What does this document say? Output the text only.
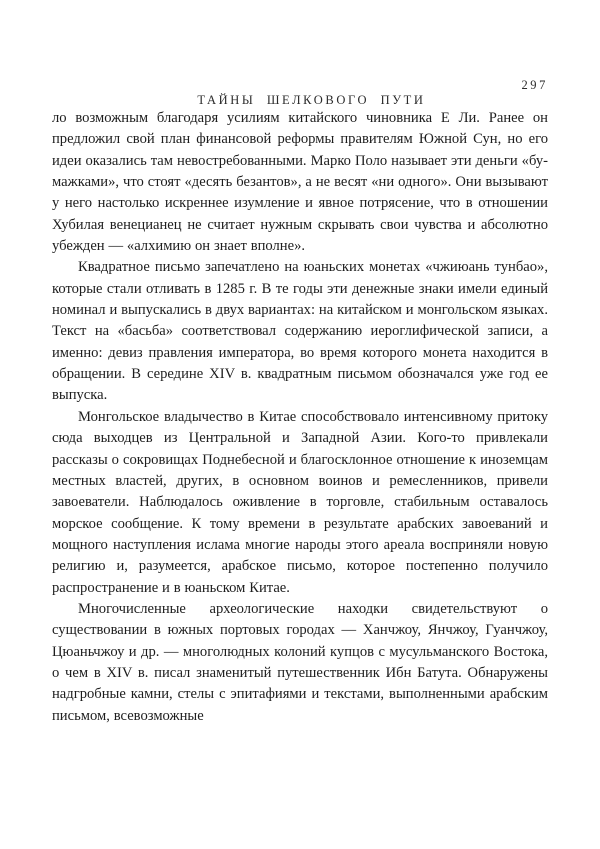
ТАЙНЫ  ШЕЛКОВОГО  ПУТИ

297

ло возможным благодаря усилиям китайского чиновника Е Ли. Ранее он предложил свой план финансовой реформы правителям Южной Сун, но его идеи оказались там невостребованными. Марко Поло называет эти деньги «бумажками», что стоят «десять безантов», а не весят «ни одного». Они вызывают у него настолько искреннее изумление и явное потрясение, что в отношении Хубилая венецианец не считает нужным скрывать свои чувства и абсолютно убежден — «алхимию он знает вполне».

Квадратное письмо запечатлено на юаньских монетах «чжиюань тунбао», которые стали отливать в 1285 г. В те годы эти денежные знаки имели единый номинал и выпускались в двух вариантах: на китайском и монгольском языках. Текст на «басьба» соответствовал содержанию иероглифической записи, а именно: девиз правления императора, во время которого монета находится в обращении. В середине XIV в. квадратным письмом обозначался уже год ее выпуска.

Монгольское владычество в Китае способствовало интенсивному притоку сюда выходцев из Центральной и Западной Азии. Кого-то привлекали рассказы о сокровищах Поднебесной и благосклонное отношение к иноземцам местных властей, других, в основном воинов и ремесленников, привели завоеватели. Наблюдалось оживление в торговле, стабильным оставалось морское сообщение. К тому времени в результате арабских завоеваний и мощного наступления ислама многие народы этого ареала восприняли новую религию и, разумеется, арабское письмо, которое постепенно получило распространение и в юаньском Китае.

Многочисленные археологические находки свидетельствуют о существовании в южных портовых городах — Ханчжоу, Янчжоу, Гуанчжоу, Цюаньчжоу и др. — многолюдных колоний купцов с мусульманского Востока, о чем в XIV в. писал знаменитый путешественник Ибн Батута. Обнаружены надгробные камни, стелы с эпитафиями и текстами, выполненными арабским письмом, всевозможные
